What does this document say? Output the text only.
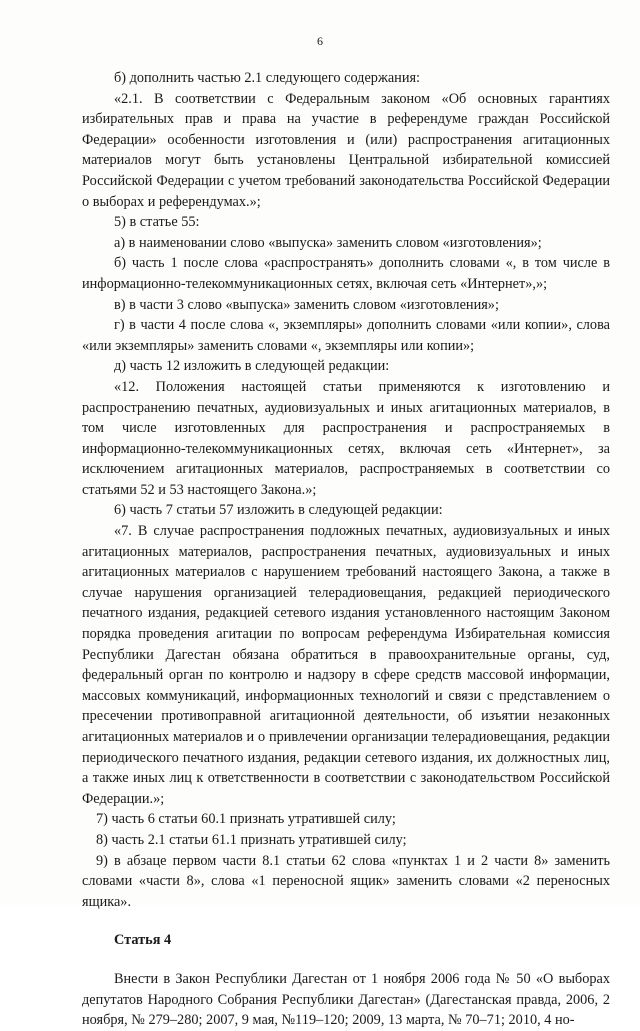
6

б) дополнить частью 2.1 следующего содержания:

«2.1. В соответствии с Федеральным законом «Об основных гарантиях избирательных прав и права на участие в референдуме граждан Российской Федерации» особенности изготовления и (или) распространения агитационных материалов могут быть установлены Центральной избирательной комиссией Российской Федерации с учетом требований законодательства Российской Федерации о выборах и референдумах.»;

5) в статье 55:

а) в наименовании слово «выпуска» заменить словом «изготовления»;

б) часть 1 после слова «распространять» дополнить словами «, в том числе в информационно-телекоммуникационных сетях, включая сеть «Интернет»,»;

в) в части 3 слово «выпуска» заменить словом «изготовления»;

г) в части 4 после слова «, экземпляры» дополнить словами «или копии», слова «или экземпляры» заменить словами «, экземпляры или копии»;

д) часть 12 изложить в следующей редакции:

«12. Положения настоящей статьи применяются к изготовлению и распространению печатных, аудиовизуальных и иных агитационных материалов, в том числе изготовленных для распространения и распространяемых в информационно-телекоммуникационных сетях, включая сеть «Интернет», за исключением агитационных материалов, распространяемых в соответствии со статьями 52 и 53 настоящего Закона.»;

6) часть 7 статьи 57 изложить в следующей редакции:

«7. В случае распространения подложных печатных, аудиовизуальных и иных агитационных материалов, распространения печатных, аудиовизуальных и иных агитационных материалов с нарушением требований настоящего Закона, а также в случае нарушения организацией телерадиовещания, редакцией периодического печатного издания, редакцией сетевого издания установленного настоящим Законом порядка проведения агитации по вопросам референдума Избирательная комиссия Республики Дагестан обязана обратиться в правоохранительные органы, суд, федеральный орган по контролю и надзору в сфере средств массовой информации, массовых коммуникаций, информационных технологий и связи с представлением о пресечении противоправной агитационной деятельности, об изъятии незаконных агитационных материалов и о привлечении организации телерадиовещания, редакции периодического печатного издания, редакции сетевого издания, их должностных лиц, а также иных лиц к ответственности в соответствии с законодательством Российской Федерации.»;

7) часть 6 статьи 60.1 признать утратившей силу;

8) часть 2.1 статьи 61.1 признать утратившей силу;

9) в абзаце первом части 8.1 статьи 62 слова «пунктах 1 и 2 части 8» заменить словами «части 8», слова «1 переносной ящик» заменить словами «2 переносных ящика».

Статья 4

Внести в Закон Республики Дагестан от 1 ноября 2006 года № 50 «О выборах депутатов Народного Собрания Республики Дагестан» (Дагестанская правда, 2006, 2 ноября, № 279–280; 2007, 9 мая, №119–120; 2009, 13 марта, № 70–71; 2010, 4 но-
